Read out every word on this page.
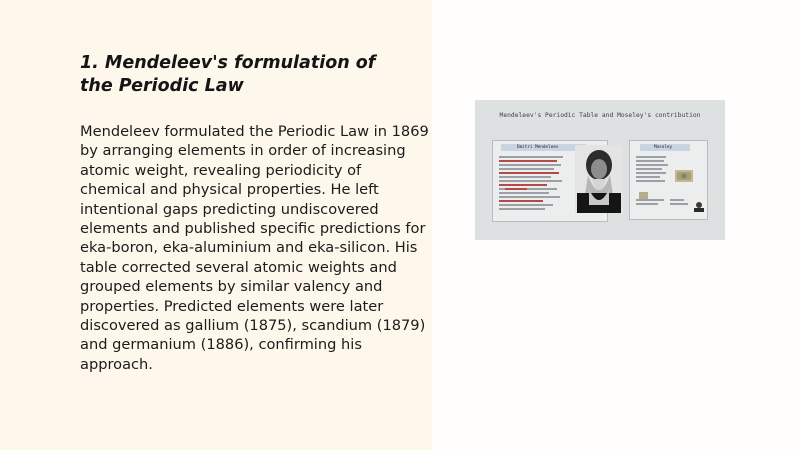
1. Mendeleev's formulation of the Periodic Law

Mendeleev formulated the Periodic Law in 1869 by arranging elements in order of increasing atomic weight, revealing periodicity of chemical and physical properties. He left intentional gaps predicting undiscovered elements and published specific predictions for eka-boron, eka-aluminium and eka-silicon. His table corrected several atomic weights and grouped elements by similar valency and properties. Predicted elements were later discovered as gallium (1875), scandium (1879) and germanium (1886), confirming his approach.

Mendeleev's Periodic Table and Moseley's contribution
Dmitri Mendeleev	Moseley
